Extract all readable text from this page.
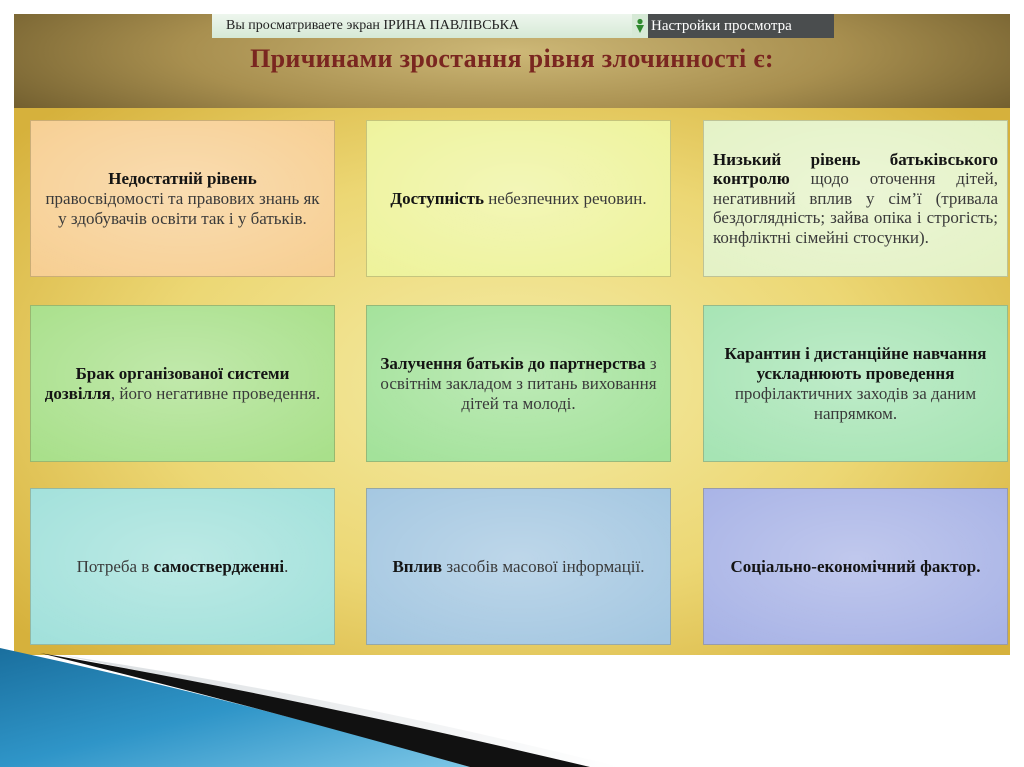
Причинами зростання рівня злочинності є:
Вы просматриваете экран ІРИНА ПАВЛІВСЬКА	Настройки просмотра

Недостатній рівень
правосвідомості та правових знань як у здобувачів освіти так і у батьків.

Доступність небезпечних речовин.

Низький рівень батьківського контролю щодо оточення дітей, негативний вплив у сім’ї (тривала бездоглядність; зайва опіка і строгість; конфліктні сімейні стосунки).

Брак організованої системи дозвілля, його негативне проведення.

Залучення батьків до партнерства з освітнім закладом з питань виховання дітей та молоді.

Карантин і дистанційне навчання ускладнюють проведення профілактичних заходів за даним напрямком.

Потреба в самоствердженні.	Вплив засобів масової інформації.	Соціально-економічний фактор.
